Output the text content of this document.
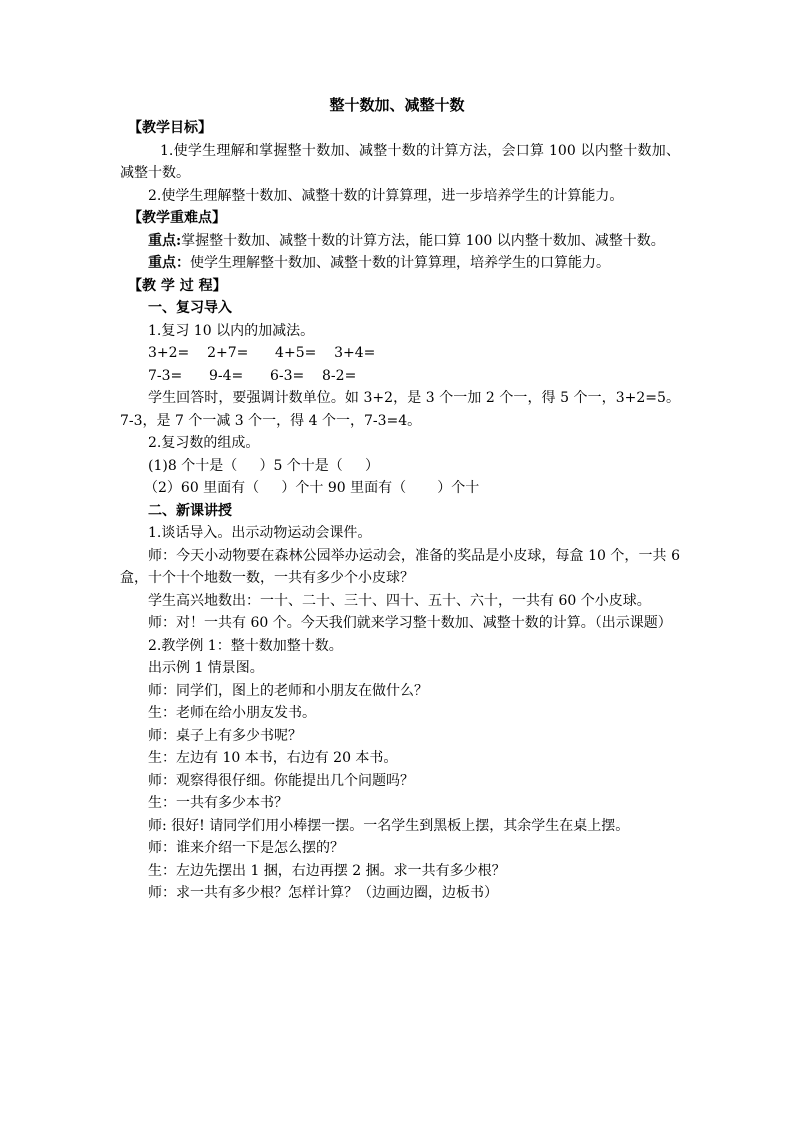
整十数加、减整十数

【教学目标】

1.使学生理解和掌握整十数加、减整十数的计算方法，会口算 100 以内整十数加、减整十数。

2.使学生理解整十数加、减整十数的计算算理，进一步培养学生的计算能力。

【教学重难点】

重点:掌握整十数加、减整十数的计算方法，能口算 100 以内整十数加、减整十数。

重点：使学生理解整十数加、减整十数的计算算理，培养学生的口算能力。

【教 学 过 程】

一、复习导入

1.复习 10 以内的加减法。

3+2=    2+7=      4+5=    3+4=

7-3=      9-4=      6-3=    8-2=

学生回答时，要强调计数单位。如 3+2，是 3 个一加 2 个一，得 5 个一，3+2=5。7-3，是 7 个一减 3 个一，得 4 个一，7-3=4。

2.复习数的组成。

(1)8 个十是（     ）5 个十是（     ）

（2）60 里面有（     ）个十 90 里面有（       ）个十

二、新课讲授

1.谈话导入。出示动物运动会课件。

师：今天小动物要在森林公园举办运动会，准备的奖品是小皮球，每盒 10 个，一共 6 盒，十个十个地数一数，一共有多少个小皮球？

学生高兴地数出：一十、二十、三十、四十、五十、六十，一共有 60 个小皮球。

师：对！一共有 60 个。今天我们就来学习整十数加、减整十数的计算。（出示课题）

2.教学例 1：整十数加整十数。

出示例 1 情景图。

师：同学们，图上的老师和小朋友在做什么？

生：老师在给小朋友发书。

师：桌子上有多少书呢？

生：左边有 10 本书，右边有 20 本书。

师：观察得很仔细。你能提出几个问题吗？

生：一共有多少本书？

师: 很好! 请同学们用小棒摆一摆。一名学生到黑板上摆，其余学生在桌上摆。

师：谁来介绍一下是怎么摆的？

生：左边先摆出 1 捆，右边再摆 2 捆。求一共有多少根？

师：求一共有多少根？怎样计算？（边画边圈，边板书）
